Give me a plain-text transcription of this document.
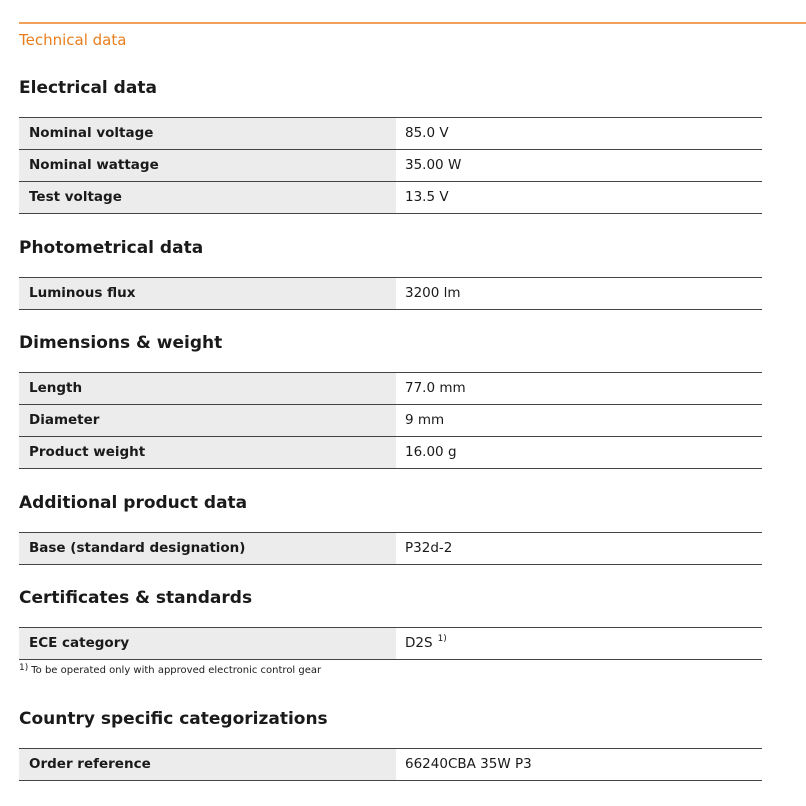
Technical data
Electrical data
Nominal voltage	85.0 V
Nominal wattage	35.00 W
Test voltage	13.5 V
Photometrical data
Luminous flux	3200 lm
Dimensions & weight
Length	77.0 mm
Diameter	9 mm
Product weight	16.00 g
Additional product data
Base (standard designation)	P32d-2
Certificates & standards
ECE category	D2S $^{1)}$
1) To be operated only with approved electronic control gear
Country specific categorizations
Order reference	66240CBA 35W P3
